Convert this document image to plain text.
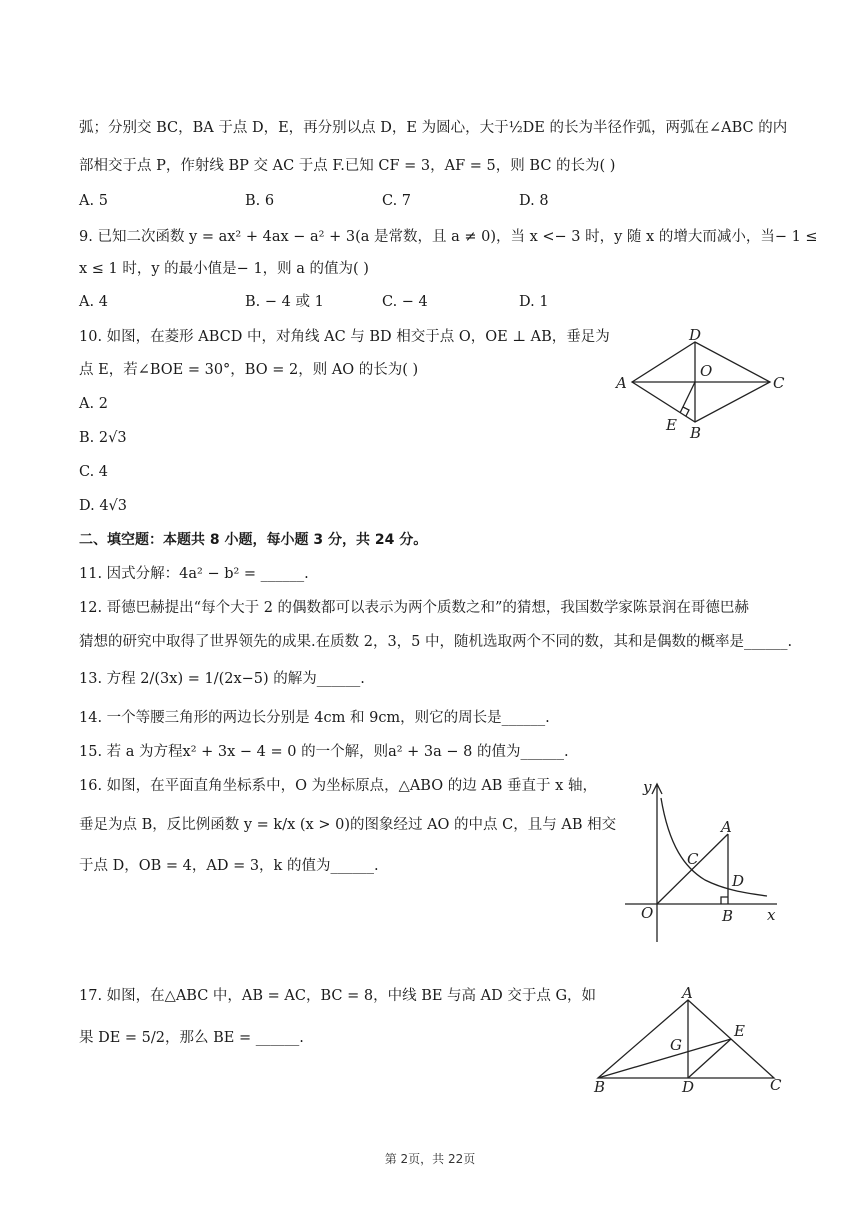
弧；分别交 BC，BA 于点 D，E，再分别以点 D，E 为圆心，大于½DE 的长为半径作弧，两弧在∠ABC 的内
部相交于点 P，作射线 BP 交 AC 于点 F.已知 CF = 3，AF = 5，则 BC 的长为( )
A. 5	B. 6	C. 7	D. 8
9. 已知二次函数 y = ax² + 4ax − a² + 3(a 是常数，且 a ≠ 0)，当 x <− 3 时，y 随 x 的增大而减小，当− 1 ≤
x ≤ 1 时，y 的最小值是− 1，则 a 的值为( )
A. 4	B. − 4 或 1	C. − 4	D. 1
10. 如图，在菱形 ABCD 中，对角线 AC 与 BD 相交于点 O，OE ⊥ AB，垂足为
点 E，若∠BOE = 30°，BO = 2，则 AO 的长为( )
A. 2
B. 2√3
C. 4
D. 4√3
D
A
O
C
E B
二、填空题：本题共 8 小题，每小题 3 分，共 24 分。
11. 因式分解：4a² − b² = ______.
12. 哥德巴赫提出“每个大于 2 的偶数都可以表示为两个质数之和”的猜想，我国数学家陈景润在哥德巴赫
猜想的研究中取得了世界领先的成果.在质数 2，3，5 中，随机选取两个不同的数，其和是偶数的概率是______.
13. 方程 2/(3x) = 1/(2x−5) 的解为______.
14. 一个等腰三角形的两边长分别是 4cm 和 9cm，则它的周长是______.
15. 若 a 为方程x² + 3x − 4 = 0 的一个解，则a² + 3a − 8 的值为______.
16. 如图，在平面直角坐标系中，O 为坐标原点，△ABO 的边 AB 垂直于 x 轴，
垂足为点 B，反比例函数 y = k/x (x > 0)的图象经过 AO 的中点 C，且与 AB 相交
于点 D，OB = 4，AD = 3，k 的值为______.
y
A
C
D
O	B x
17. 如图，在△ABC 中，AB = AC，BC = 8，中线 BE 与高 AD 交于点 G，如
果 DE = 5/2，那么 BE = ______.
A
E
G
B	D	C
第 2页，共 22页
